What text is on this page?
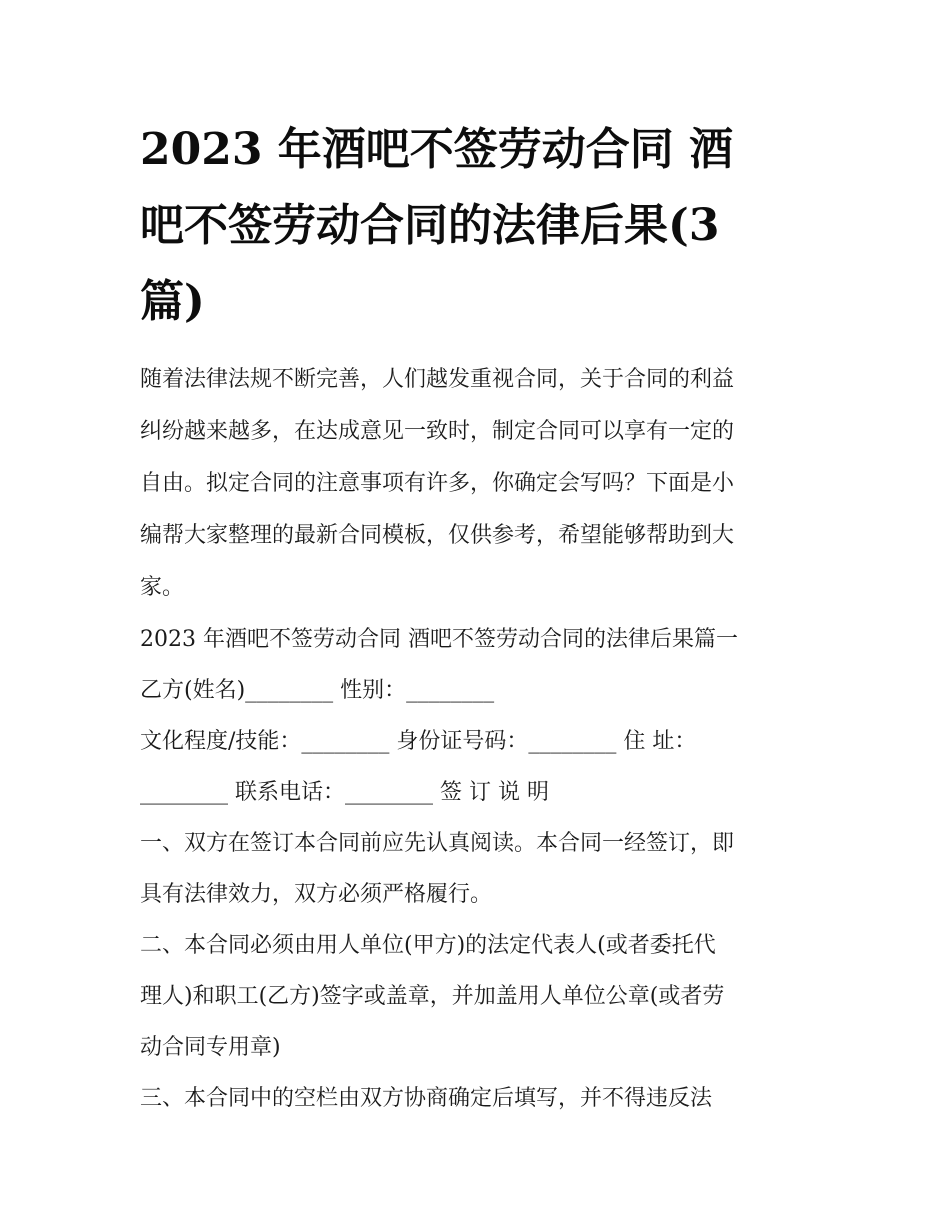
2023 年酒吧不签劳动合同 酒
吧不签劳动合同的法律后果(3
篇)
随着法律法规不断完善，人们越发重视合同，关于合同的利益
纠纷越来越多，在达成意见一致时，制定合同可以享有一定的
自由。拟定合同的注意事项有许多，你确定会写吗？下面是小
编帮大家整理的最新合同模板，仅供参考，希望能够帮助到大
家。
2023 年酒吧不签劳动合同 酒吧不签劳动合同的法律后果篇一
乙方(姓名)________ 性别：________
文化程度/技能：________ 身份证号码：________ 住 址：
________ 联系电话：________ 签 订 说 明
一、双方在签订本合同前应先认真阅读。本合同一经签订，即
具有法律效力，双方必须严格履行。
二、本合同必须由用人单位(甲方)的法定代表人(或者委托代
理人)和职工(乙方)签字或盖章，并加盖用人单位公章(或者劳
动合同专用章)
三、本合同中的空栏由双方协商确定后填写，并不得违反法
